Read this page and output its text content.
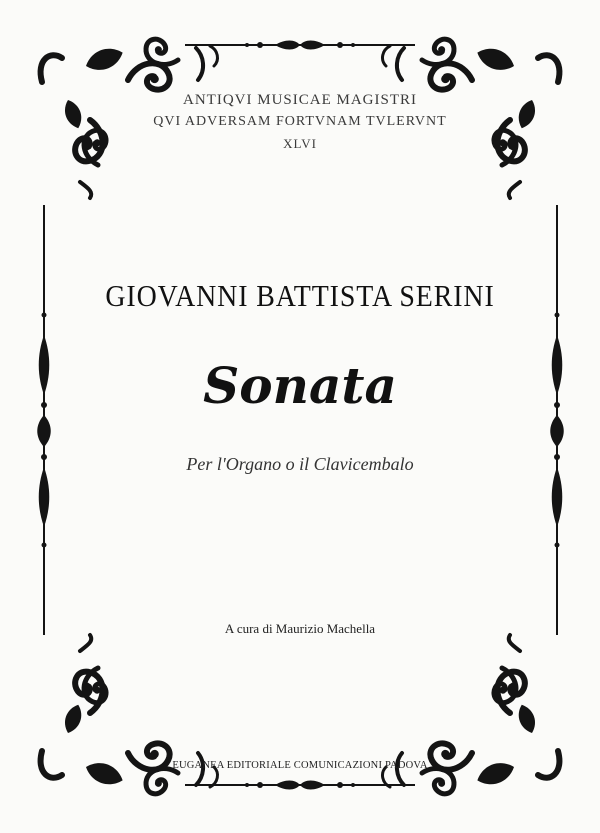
ANTIQVI MUSICAE MAGISTRI
QVI ADVERSAM FORTVNAM TVLERVNT
XLVI
GIOVANNI BATTISTA SERINI
Sonata
Per l'Organo o il Clavicembalo
A cura di Maurizio Machella
EUGANEA EDITORIALE COMUNICAZIONI PADOVA
